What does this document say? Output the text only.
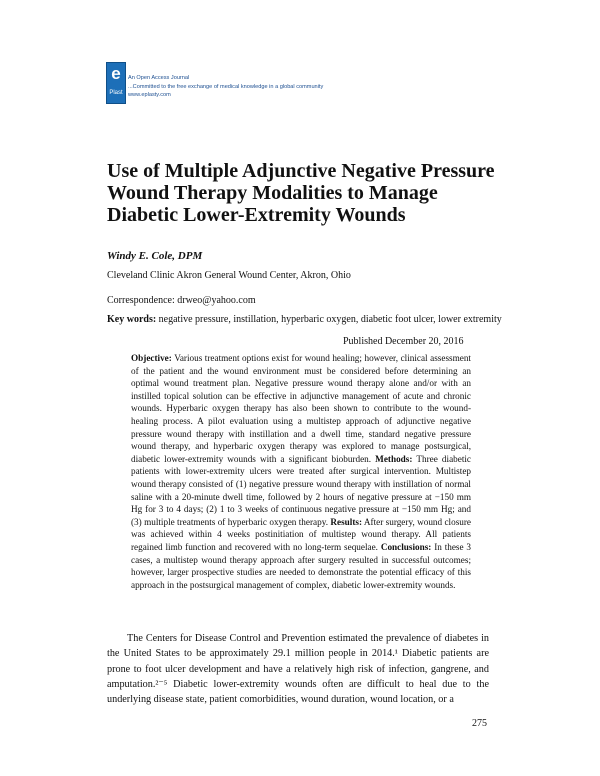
e
Plast
An Open Access Journal
...Committed to the free exchange of medical knowledge in a global community
www.eplasty.com
Use of Multiple Adjunctive Negative Pressure Wound Therapy Modalities to Manage Diabetic Lower-Extremity Wounds
Windy E. Cole, DPM
Cleveland Clinic Akron General Wound Center, Akron, Ohio
Correspondence: drweo@yahoo.com
Key words: negative pressure, instillation, hyperbaric oxygen, diabetic foot ulcer, lower extremity
Published December 20, 2016
Objective: Various treatment options exist for wound healing; however, clinical assessment of the patient and the wound environment must be considered before determining an optimal wound treatment plan. Negative pressure wound therapy alone and/or with an instilled topical solution can be effective in adjunctive management of acute and chronic wounds. Hyperbaric oxygen therapy has also been shown to contribute to the wound-healing process. A pilot evaluation using a multistep approach of adjunctive negative pressure wound therapy with instillation and a dwell time, standard negative pressure wound therapy, and hyperbaric oxygen therapy was explored to manage postsurgical, diabetic lower-extremity wounds with a significant bioburden. Methods: Three diabetic patients with lower-extremity ulcers were treated after surgical intervention. Multistep wound therapy consisted of (1) negative pressure wound therapy with instillation of normal saline with a 20-minute dwell time, followed by 2 hours of negative pressure at −150 mm Hg for 3 to 4 days; (2) 1 to 3 weeks of continuous negative pressure at −150 mm Hg; and (3) multiple treatments of hyperbaric oxygen therapy. Results: After surgery, wound closure was achieved within 4 weeks postinitiation of multistep wound therapy. All patients regained limb function and recovered with no long-term sequelae. Conclusions: In these 3 cases, a multistep wound therapy approach after surgery resulted in successful outcomes; however, larger prospective studies are needed to demonstrate the potential efficacy of this approach in the postsurgical management of complex, diabetic lower-extremity wounds.
The Centers for Disease Control and Prevention estimated the prevalence of diabetes in the United States to be approximately 29.1 million people in 2014.¹ Diabetic patients are prone to foot ulcer development and have a relatively high risk of infection, gangrene, and amputation.²⁻⁵ Diabetic lower-extremity wounds often are difficult to heal due to the underlying disease state, patient comorbidities, wound duration, wound location, or a
275
